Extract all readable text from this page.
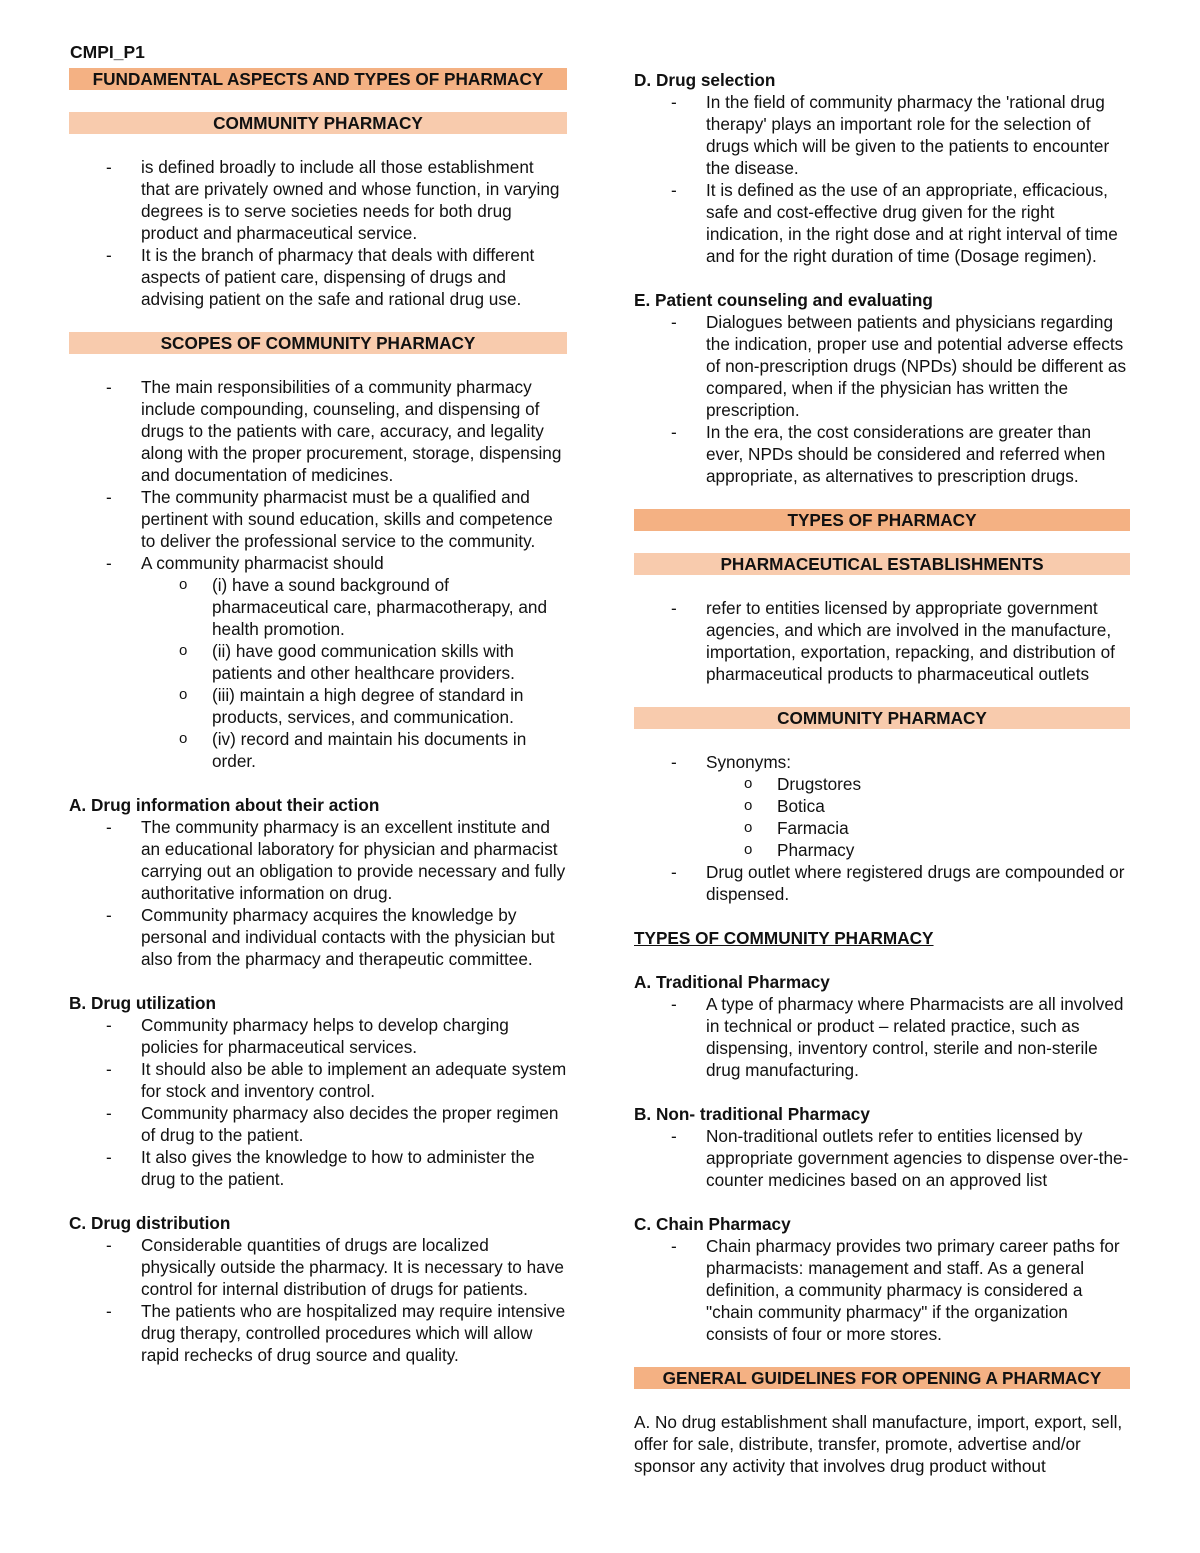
CMPI_P1
FUNDAMENTAL ASPECTS AND TYPES OF PHARMACY
COMMUNITY PHARMACY
- is defined broadly to include all those establishment that are privately owned and whose function, in varying degrees is to serve societies needs for both drug product and pharmaceutical service.
- It is the branch of pharmacy that deals with different aspects of patient care, dispensing of drugs and advising patient on the safe and rational drug use.
SCOPES OF COMMUNITY PHARMACY
- The main responsibilities of a community pharmacy include compounding, counseling, and dispensing of drugs to the patients with care, accuracy, and legality along with the proper procurement, storage, dispensing and documentation of medicines.
- The community pharmacist must be a qualified and pertinent with sound education, skills and competence to deliver the professional service to the community.
- A community pharmacist should
o (i) have a sound background of pharmaceutical care, pharmacotherapy, and health promotion.
o (ii) have good communication skills with patients and other healthcare providers.
o (iii) maintain a high degree of standard in products, services, and communication.
o (iv) record and maintain his documents in order.
A. Drug information about their action
- The community pharmacy is an excellent institute and an educational laboratory for physician and pharmacist carrying out an obligation to provide necessary and fully authoritative information on drug.
- Community pharmacy acquires the knowledge by personal and individual contacts with the physician but also from the pharmacy and therapeutic committee.
B. Drug utilization
- Community pharmacy helps to develop charging policies for pharmaceutical services.
- It should also be able to implement an adequate system for stock and inventory control.
- Community pharmacy also decides the proper regimen of drug to the patient.
- It also gives the knowledge to how to administer the drug to the patient.
C. Drug distribution
- Considerable quantities of drugs are localized physically outside the pharmacy. It is necessary to have control for internal distribution of drugs for patients.
- The patients who are hospitalized may require intensive drug therapy, controlled procedures which will allow rapid rechecks of drug source and quality.
D. Drug selection
- In the field of community pharmacy the 'rational drug therapy' plays an important role for the selection of drugs which will be given to the patients to encounter the disease.
- It is defined as the use of an appropriate, efficacious, safe and cost-effective drug given for the right indication, in the right dose and at right interval of time and for the right duration of time (Dosage regimen).
E. Patient counseling and evaluating
- Dialogues between patients and physicians regarding the indication, proper use and potential adverse effects of non-prescription drugs (NPDs) should be different as compared, when if the physician has written the prescription.
- In the era, the cost considerations are greater than ever, NPDs should be considered and referred when appropriate, as alternatives to prescription drugs.
TYPES OF PHARMACY
PHARMACEUTICAL ESTABLISHMENTS
- refer to entities licensed by appropriate government agencies, and which are involved in the manufacture, importation, exportation, repacking, and distribution of pharmaceutical products to pharmaceutical outlets
COMMUNITY PHARMACY
- Synonyms:
o Drugstores
o Botica
o Farmacia
o Pharmacy
- Drug outlet where registered drugs are compounded or dispensed.
TYPES OF COMMUNITY PHARMACY
A. Traditional Pharmacy
- A type of pharmacy where Pharmacists are all involved in technical or product – related practice, such as dispensing, inventory control, sterile and non-sterile drug manufacturing.
B. Non- traditional Pharmacy
- Non-traditional outlets refer to entities licensed by appropriate government agencies to dispense over-the-counter medicines based on an approved list
C. Chain Pharmacy
- Chain pharmacy provides two primary career paths for pharmacists: management and staff. As a general definition, a community pharmacy is considered a "chain community pharmacy" if the organization consists of four or more stores.
GENERAL GUIDELINES FOR OPENING A PHARMACY

A. No drug establishment shall manufacture, import, export, sell, offer for sale, distribute, transfer, promote, advertise and/or sponsor any activity that involves drug product without
